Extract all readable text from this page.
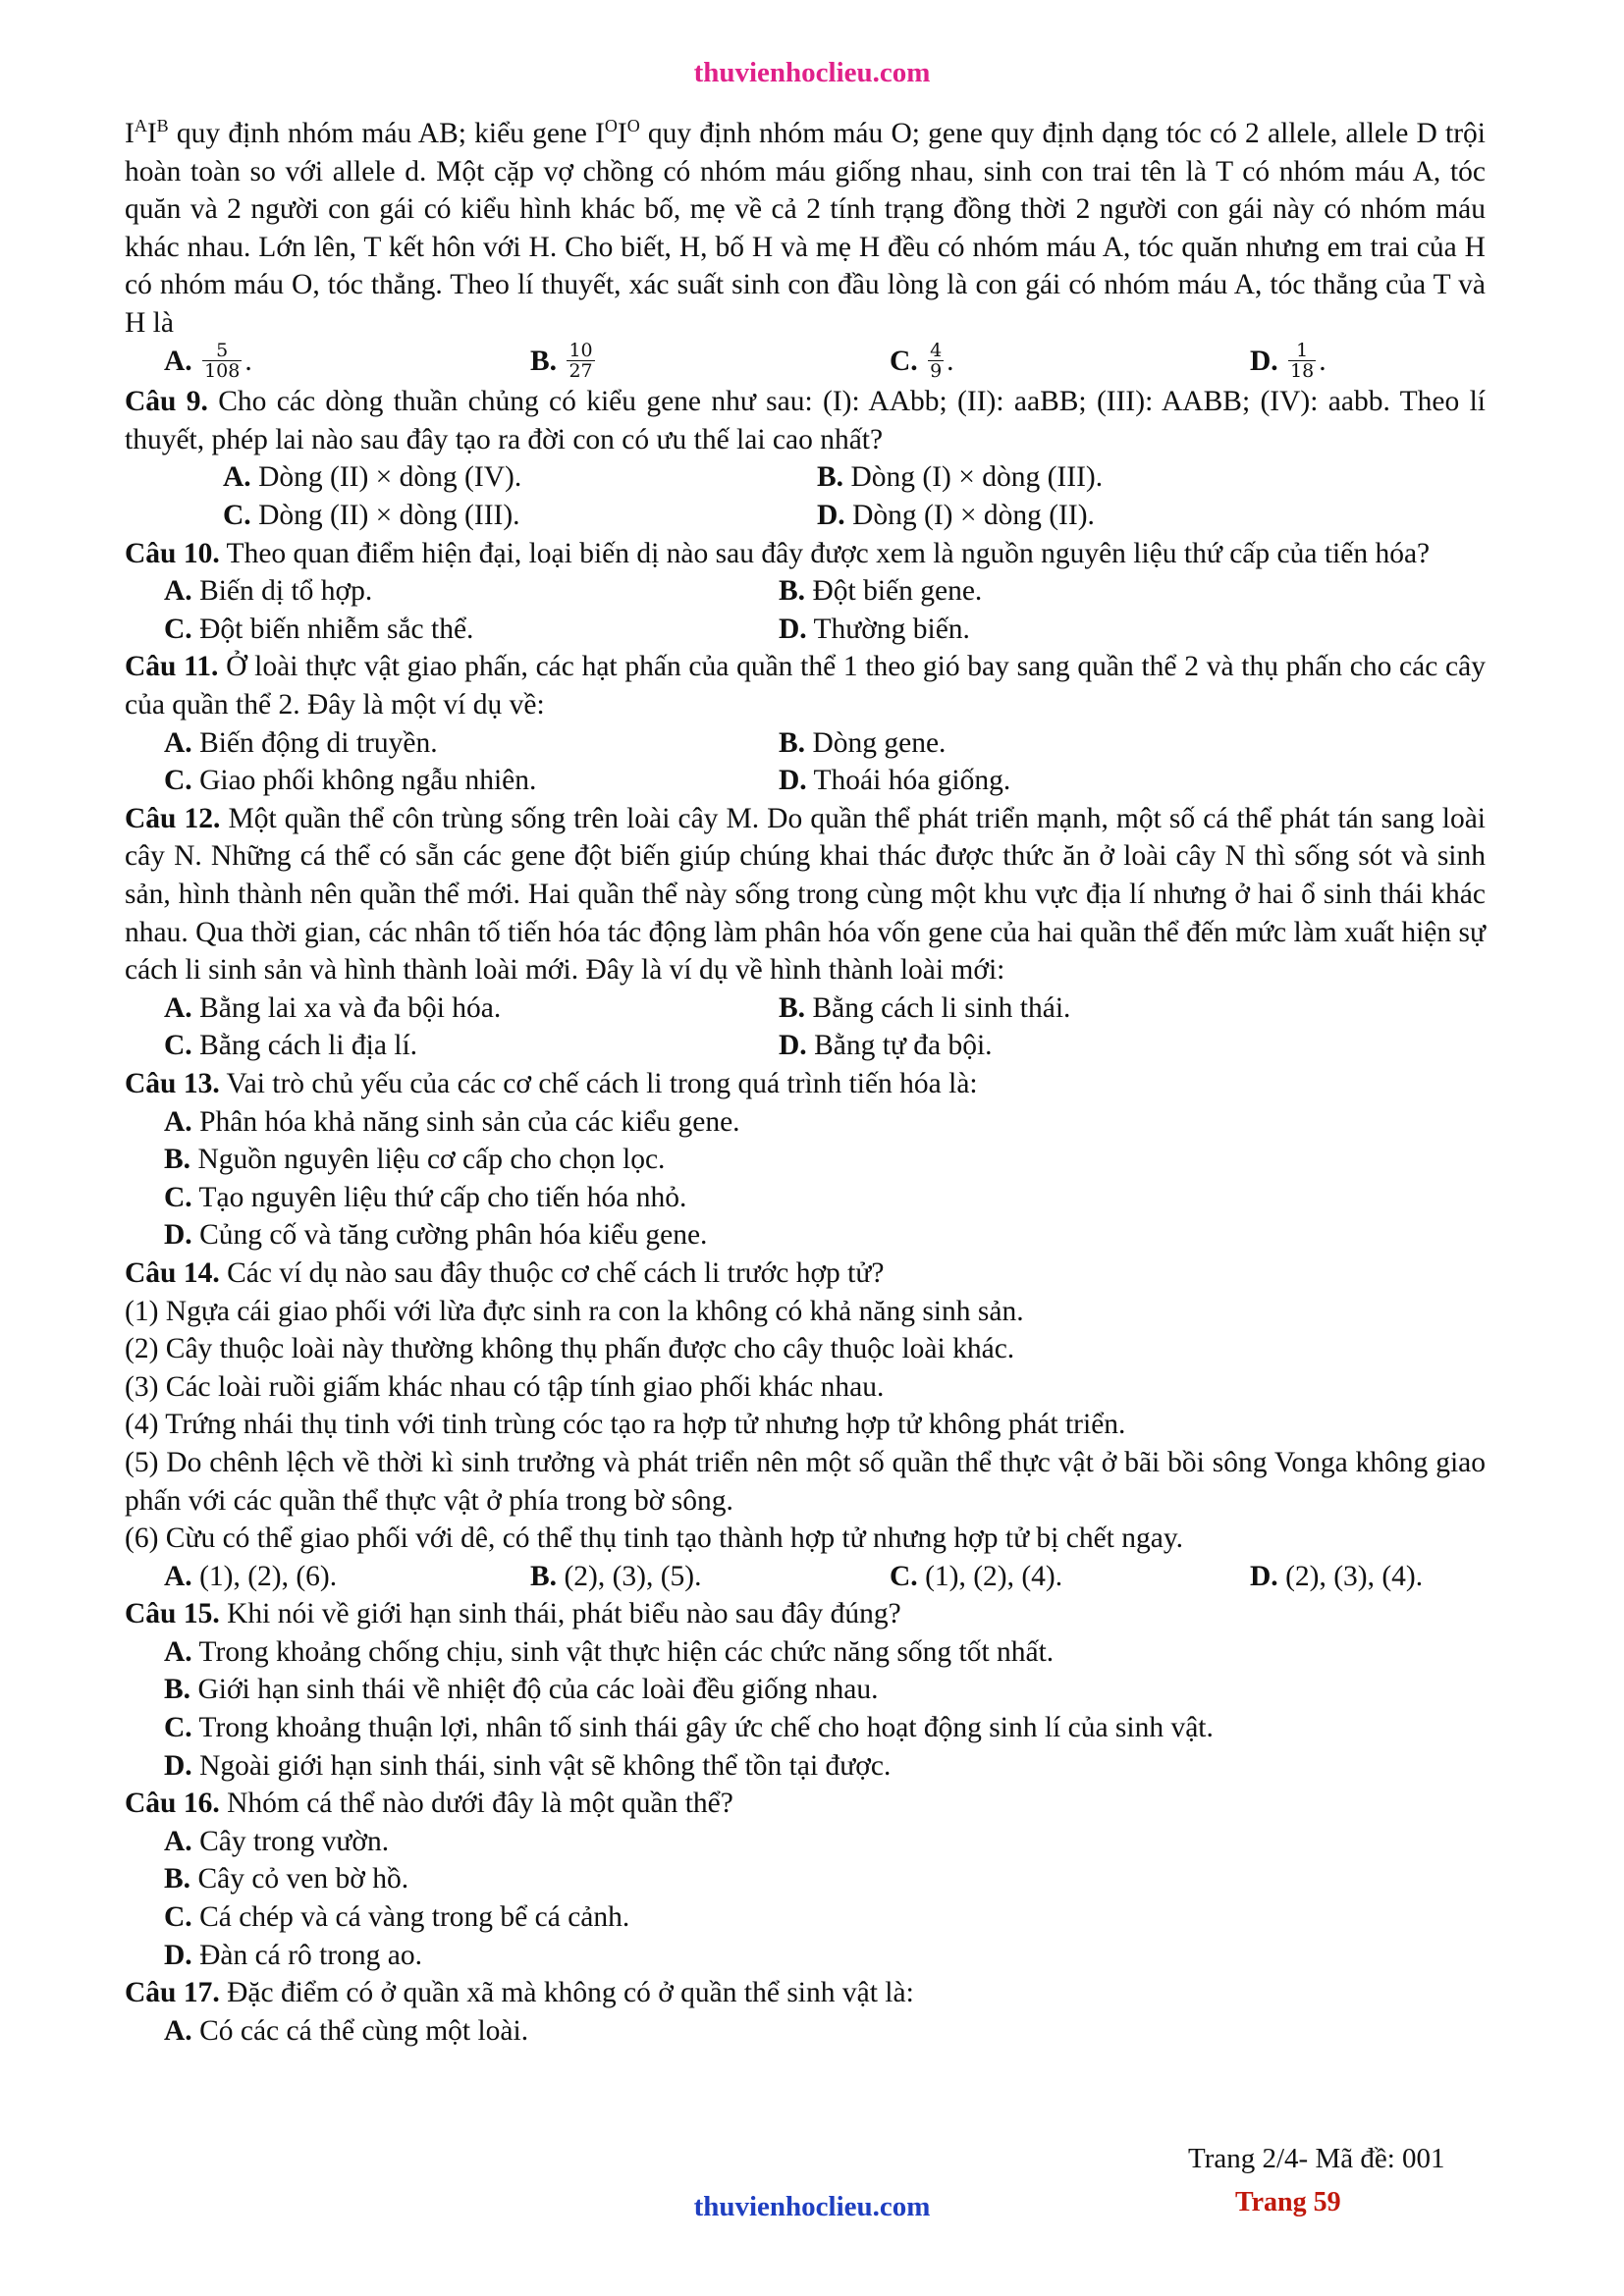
thuvienhoclieu.com

$I^AI^B$ quy định nhóm máu AB; kiểu gene $I^OI^O$ quy định nhóm máu O; gene quy định dạng tóc có 2 allele, allele D trội hoàn toàn so với allele d. Một cặp vợ chồng có nhóm máu giống nhau, sinh con trai tên là T có nhóm máu A, tóc quăn và 2 người con gái có kiểu hình khác bố, mẹ về cả 2 tính trạng đồng thời 2 người con gái này có nhóm máu khác nhau. Lớn lên, T kết hôn với H. Cho biết, H, bố H và mẹ H đều có nhóm máu A, tóc quăn nhưng em trai của H có nhóm máu O, tóc thẳng. Theo lí thuyết, xác suất sinh con đầu lòng là con gái có nhóm máu A, tóc thẳng của T và H là

A. $\frac{5}{108}$ .	B. $\frac{10}{27}$	C. $\frac{4}{9}$ .	D. $\frac{1}{18}$ .

Câu 9. Cho các dòng thuần chủng có kiểu gene như sau: (I): AAbb; (II): aaBB; (III): AABB; (IV): aabb. Theo lí thuyết, phép lai nào sau đây tạo ra đời con có ưu thế lai cao nhất?

A. Dòng (II) × dòng (IV).	B. Dòng (I) × dòng (III).
C. Dòng (II) × dòng (III).	D. Dòng (I) × dòng (II).

Câu 10. Theo quan điểm hiện đại, loại biến dị nào sau đây được xem là nguồn nguyên liệu thứ cấp của tiến hóa?

A. Biến dị tổ hợp.	B. Đột biến gene.
C. Đột biến nhiễm sắc thể.	D. Thường biến.

Câu 11. Ở loài thực vật giao phấn, các hạt phấn của quần thể 1 theo gió bay sang quần thể 2 và thụ phấn cho các cây của quần thể 2. Đây là một ví dụ về:

A. Biến động di truyền.	B. Dòng gene.
C. Giao phối không ngẫu nhiên.	D. Thoái hóa giống.

Câu 12. Một quần thể côn trùng sống trên loài cây M. Do quần thể phát triển mạnh, một số cá thể phát tán sang loài cây N. Những cá thể có sẵn các gene đột biến giúp chúng khai thác được thức ăn ở loài cây N thì sống sót và sinh sản, hình thành nên quần thể mới. Hai quần thể này sống trong cùng một khu vực địa lí nhưng ở hai ổ sinh thái khác nhau. Qua thời gian, các nhân tố tiến hóa tác động làm phân hóa vốn gene của hai quần thể đến mức làm xuất hiện sự cách li sinh sản và hình thành loài mới. Đây là ví dụ về hình thành loài mới:

A. Bằng lai xa và đa bội hóa.	B. Bằng cách li sinh thái.
C. Bằng cách li địa lí.	D. Bằng tự đa bội.

Câu 13. Vai trò chủ yếu của các cơ chế cách li trong quá trình tiến hóa là:

A. Phân hóa khả năng sinh sản của các kiểu gene.
B. Nguồn nguyên liệu cơ cấp cho chọn lọc.
C. Tạo nguyên liệu thứ cấp cho tiến hóa nhỏ.
D. Củng cố và tăng cường phân hóa kiểu gene.

Câu 14. Các ví dụ nào sau đây thuộc cơ chế cách li trước hợp tử?

(1) Ngựa cái giao phối với lừa đực sinh ra con la không có khả năng sinh sản.

(2) Cây thuộc loài này thường không thụ phấn được cho cây thuộc loài khác.

(3) Các loài ruồi giấm khác nhau có tập tính giao phối khác nhau.

(4) Trứng nhái thụ tinh với tinh trùng cóc tạo ra hợp tử nhưng hợp tử không phát triển.

(5) Do chênh lệch về thời kì sinh trưởng và phát triển nên một số quần thể thực vật ở bãi bồi sông Vonga không giao phấn với các quần thể thực vật ở phía trong bờ sông.

(6) Cừu có thể giao phối với dê, có thể thụ tinh tạo thành hợp tử nhưng hợp tử bị chết ngay.

A. (1), (2), (6).	B. (2), (3), (5).	C. (1), (2), (4).	D. (2), (3), (4).

Câu 15. Khi nói về giới hạn sinh thái, phát biểu nào sau đây đúng?

A. Trong khoảng chống chịu, sinh vật thực hiện các chức năng sống tốt nhất.
B. Giới hạn sinh thái về nhiệt độ của các loài đều giống nhau.
C. Trong khoảng thuận lợi, nhân tố sinh thái gây ức chế cho hoạt động sinh lí của sinh vật.
D. Ngoài giới hạn sinh thái, sinh vật sẽ không thể tồn tại được.

Câu 16. Nhóm cá thể nào dưới đây là một quần thể?

A. Cây trong vườn.
B. Cây cỏ ven bờ hồ.
C. Cá chép và cá vàng trong bể cá cảnh.
D. Đàn cá rô trong ao.

Câu 17. Đặc điểm có ở quần xã mà không có ở quần thể sinh vật là:

A. Có các cá thể cùng một loài.
Trang 2/4- Mã đề: 001
thuvienhoclieu.com	Trang 59
